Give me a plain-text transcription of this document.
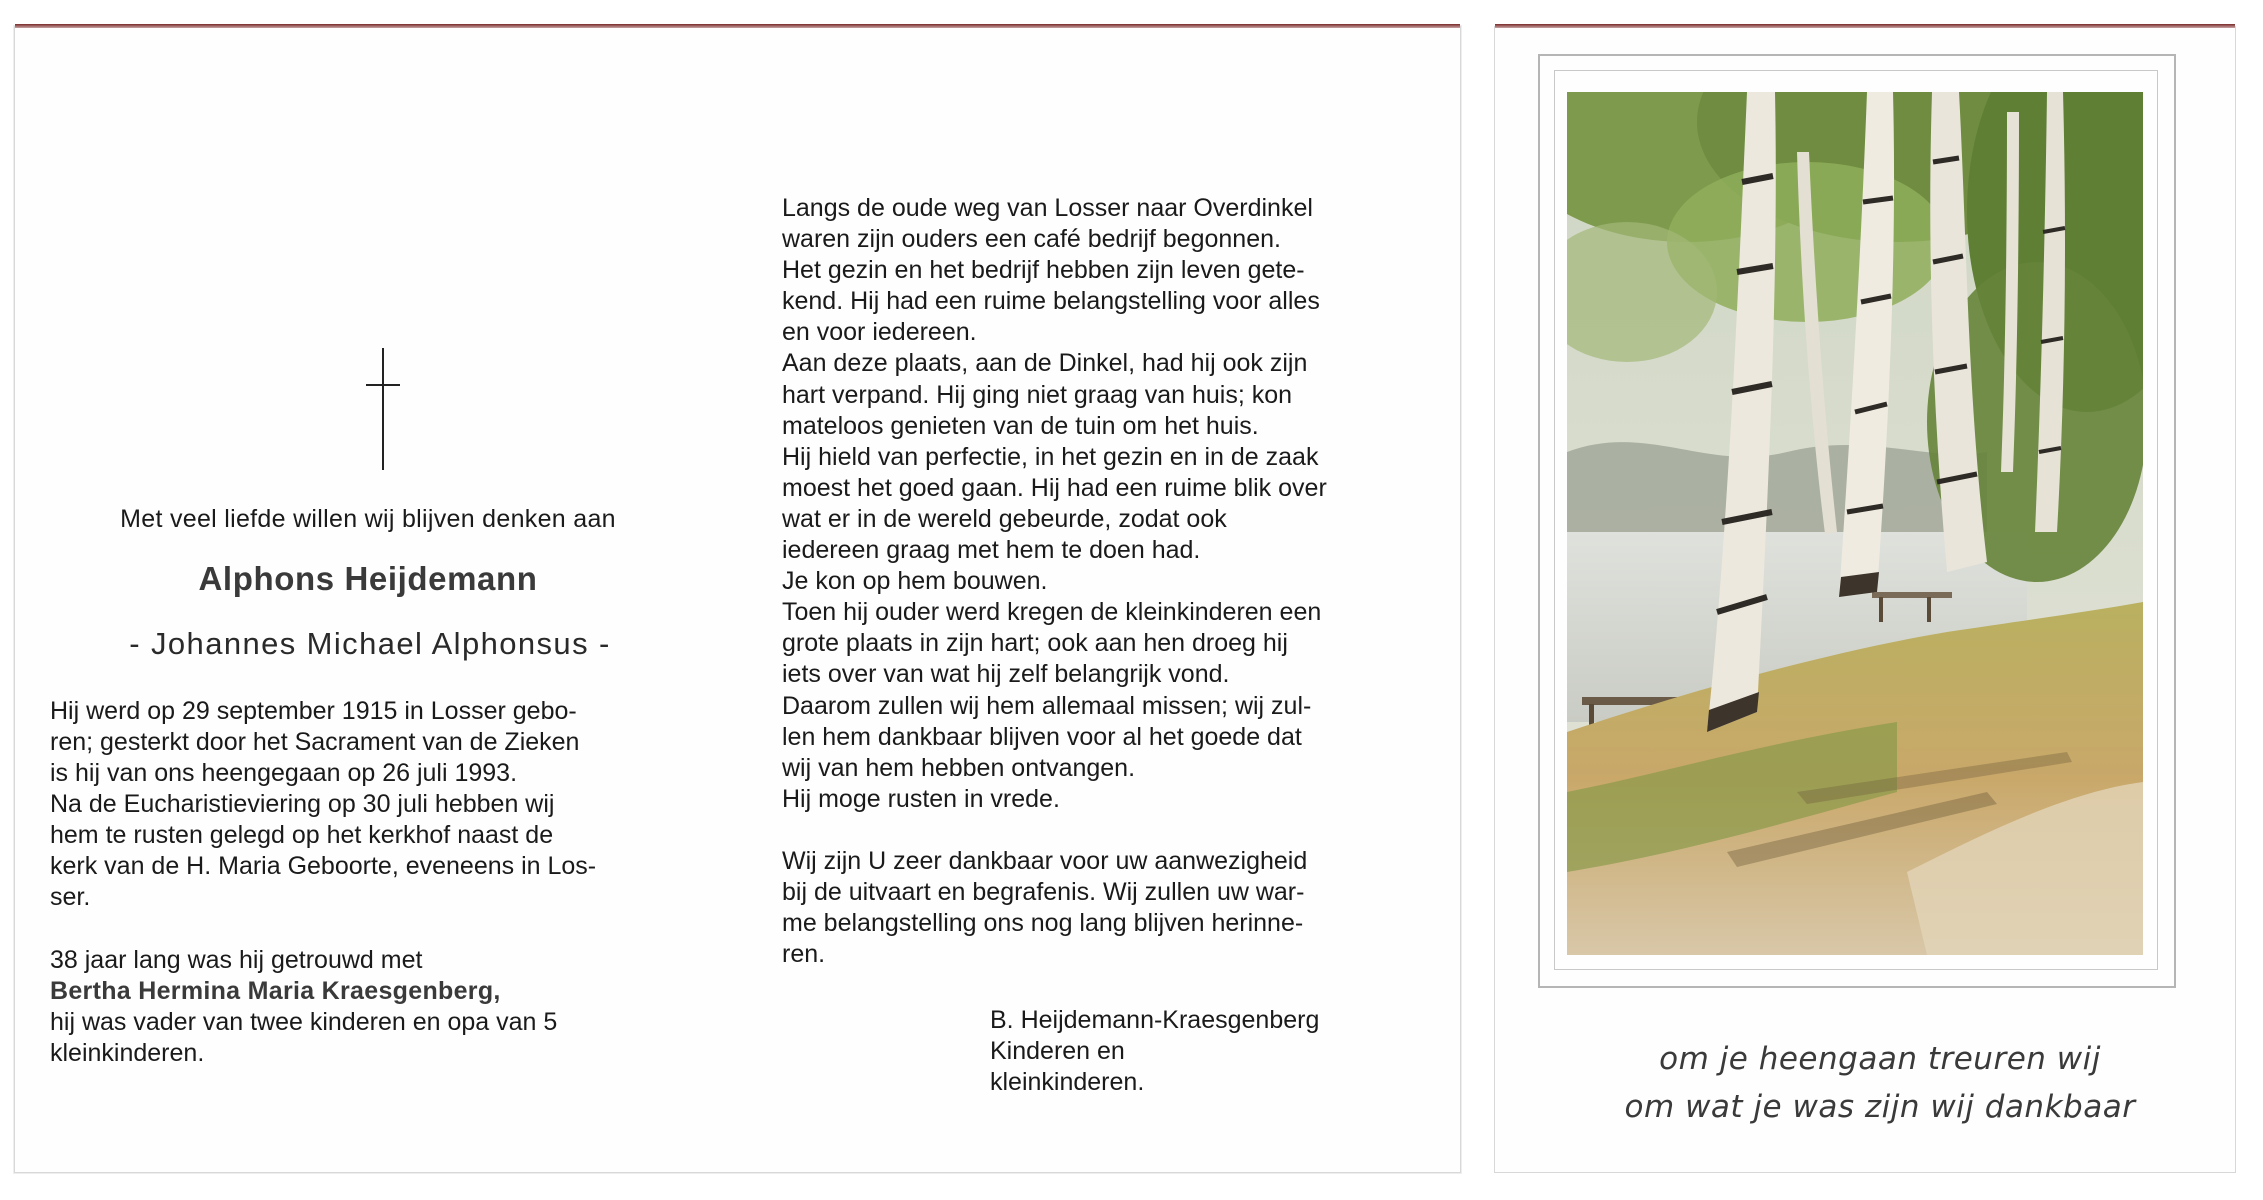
Met veel liefde willen wij blijven denken aan
Alphons Heijdemann
- Johannes Michael Alphonsus -
Hij werd op 29 september 1915 in Losser gebo-
ren; gesterkt door het Sacrament van de Zieken
is hij van ons heengegaan op 26 juli 1993.
Na de Eucharistieviering op 30 juli hebben wij
hem te rusten gelegd op het kerkhof naast de
kerk van de H. Maria Geboorte, eveneens in Los-
ser.
38 jaar lang was hij getrouwd met
Bertha Hermina Maria Kraesgenberg,
hij was vader van twee kinderen en opa van 5
kleinkinderen.
Langs de oude weg van Losser naar Overdinkel
waren zijn ouders een café bedrijf begonnen.
Het gezin en het bedrijf hebben zijn leven gete-
kend. Hij had een ruime belangstelling voor alles
en voor iedereen.
Aan deze plaats, aan de Dinkel, had hij ook zijn
hart verpand. Hij ging niet graag van huis; kon
mateloos genieten van de tuin om het huis.
Hij hield van perfectie, in het gezin en in de zaak
moest het goed gaan. Hij had een ruime blik over
wat er in de wereld gebeurde, zodat ook
iedereen graag met hem te doen had.
Je kon op hem bouwen.
Toen hij ouder werd kregen de kleinkinderen een
grote plaats in zijn hart; ook aan hen droeg hij
iets over van wat hij zelf belangrijk vond.
Daarom zullen wij hem allemaal missen; wij zul-
len hem dankbaar blijven voor al het goede dat
wij van hem hebben ontvangen.
Hij moge rusten in vrede.
Wij zijn U zeer dankbaar voor uw aanwezigheid
bij de uitvaart en begrafenis. Wij zullen uw war-
me belangstelling ons nog lang blijven herinne-
ren.
B. Heijdemann-Kraesgenberg
Kinderen en
kleinkinderen.
om je heengaan treuren wij
om wat je was zijn wij dankbaar
